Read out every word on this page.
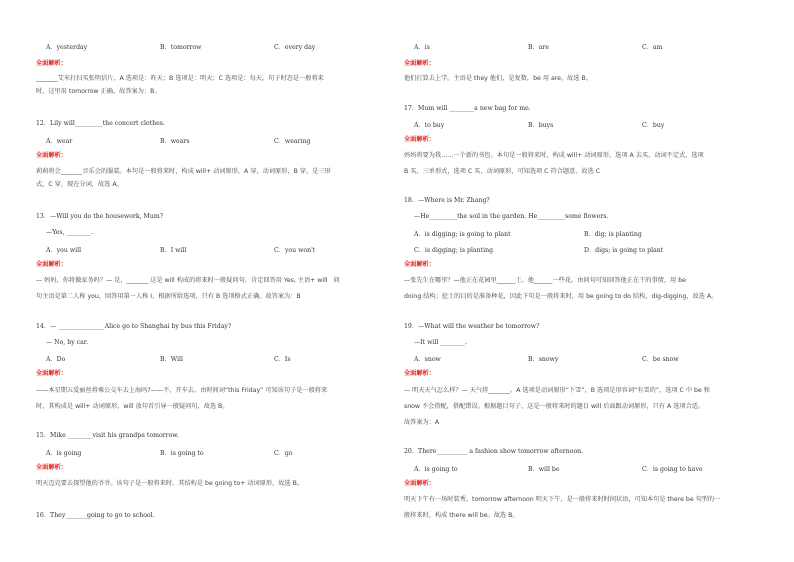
A．yesterday	B．tomorrow	C．every day
全面解析：
_______艾米打扫买张明信片。A 选项是：昨天；B 选项是：明天；C 选项是：每天。句子时态是一般将来
时，这里用 tomorrow 正确。故答案为：B。
12．Lily will_________the concert clothes.
A．wear	B．wears	C．wearing
全面解析：
莉莉将会_______音乐会的服装。本句是一般将来时，构成 will+ 动词原形，A 穿，动词原形，B 穿，是三形
式，C 穿，现在分词，故选 A。
13．—Will you do the housework, Mum?
—Yes, ________.
A．you will	B．I will	C．you won't
全面解析：
— 妈妈，你将做家务吗？— 是，_______ 这是 will 构成的将来时一般疑问句，肯定回答用 Yes, 主语+ will   问
句主语是第二人称 you，回答用第一人称 I，根据所给选项，只有 B 选项格式正确。故答案为：B
14．— _______________Alice go to Shanghai by bus this Friday?
— No, by car.
A．Do	B．Will	C．Is
全面解析：
——本星期五爱丽丝将乘公交车去上海吗?——不，开车去。由时间词“this Friday” 可知该句子是一般将来
时，其构成是 will+ 动词原形，will 放句首引导一般疑问句，故选 B。
15．Mike ________visit his grandpa tomorrow.
A．is going	B．is going to	C．go
全面解析：
明天迈克要去探望他的爷爷。该句子是一般将来时，其结构是 be going to+ 动词原形，故选 B。
16．They_______going to go to school.
A．is	B．are	C．am
全面解析：
他们打算去上学。主语是 they 他们，是复数，be 用 are，故选 B。
17．Mum will ________a new bag for me.
A．to buy	B．buys	C．buy
全面解析：
妈妈将要为我……一个新的书包。本句是一般将来时，构成 will+ 动词原形，选项 A 去买，动词不定式，选项
B 买，三单形式，选项 C 买，动词原形，可知选项 C 符合题意，故选 C
18．—Where is Mr. Zhang?
—He_________the soil in the garden. He_________some flowers.
A．is digging; is going to plant	B．dig; is planting
C．is digging; is planting	D．digs; is going to plant
全面解析：
—张先生在哪里？—他正在花园里______土。他______一些花。由问句可知回答他正在干的事情，用 be
doing 结构；挖土的目的是准备种花，因此下句是一般将来时，用 be going to do 结构，dig-digging，故选 A。
19．—What will the weather be tomorrow?
—It will ________.
A．snow	B．snowy	C．be snow
全面解析：
— 明天天气怎么样？— 天气将_______。A 选项是动词原形“下雪”，B 选项是形容词“有雪的”，选项 C 中 be 和
snow 不会搭配，搭配错误。根据题目句子，这是一般将来时的题目 will 后面跟动词原形，只有 A 选项合适。
故答案为：A
20．There__________ a fashion show tomorrow afternoon.
A．is going to	B．will be	C．is going to have
全面解析：
明天下午有一场时装秀。tomorrow afternoon 明天下午，是一般将来时时间状语，可知本句是 there be 句型的一
般将来时，构成 there will be。故选 B。
